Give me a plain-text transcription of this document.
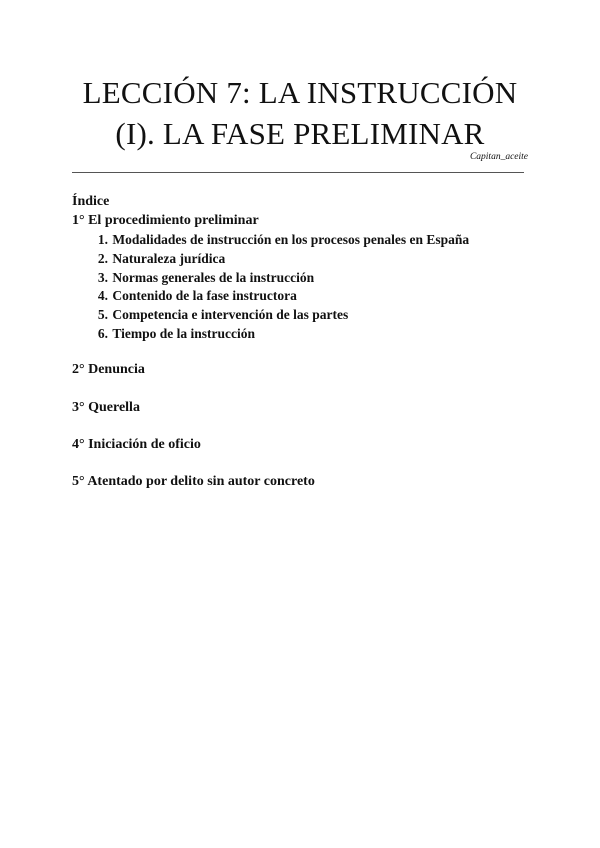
LECCIÓN 7: LA INSTRUCCIÓN
(I). LA FASE PRELIMINAR
Capitan_aceite
Índice
1° El procedimiento preliminar
1. Modalidades de instrucción en los procesos penales en España
2. Naturaleza jurídica
3. Normas generales de la instrucción
4. Contenido de la fase instructora
5. Competencia e intervención de las partes
6. Tiempo de la instrucción
2° Denuncia
3° Querella
4° Iniciación de oficio
5° Atentado por delito sin autor concreto
